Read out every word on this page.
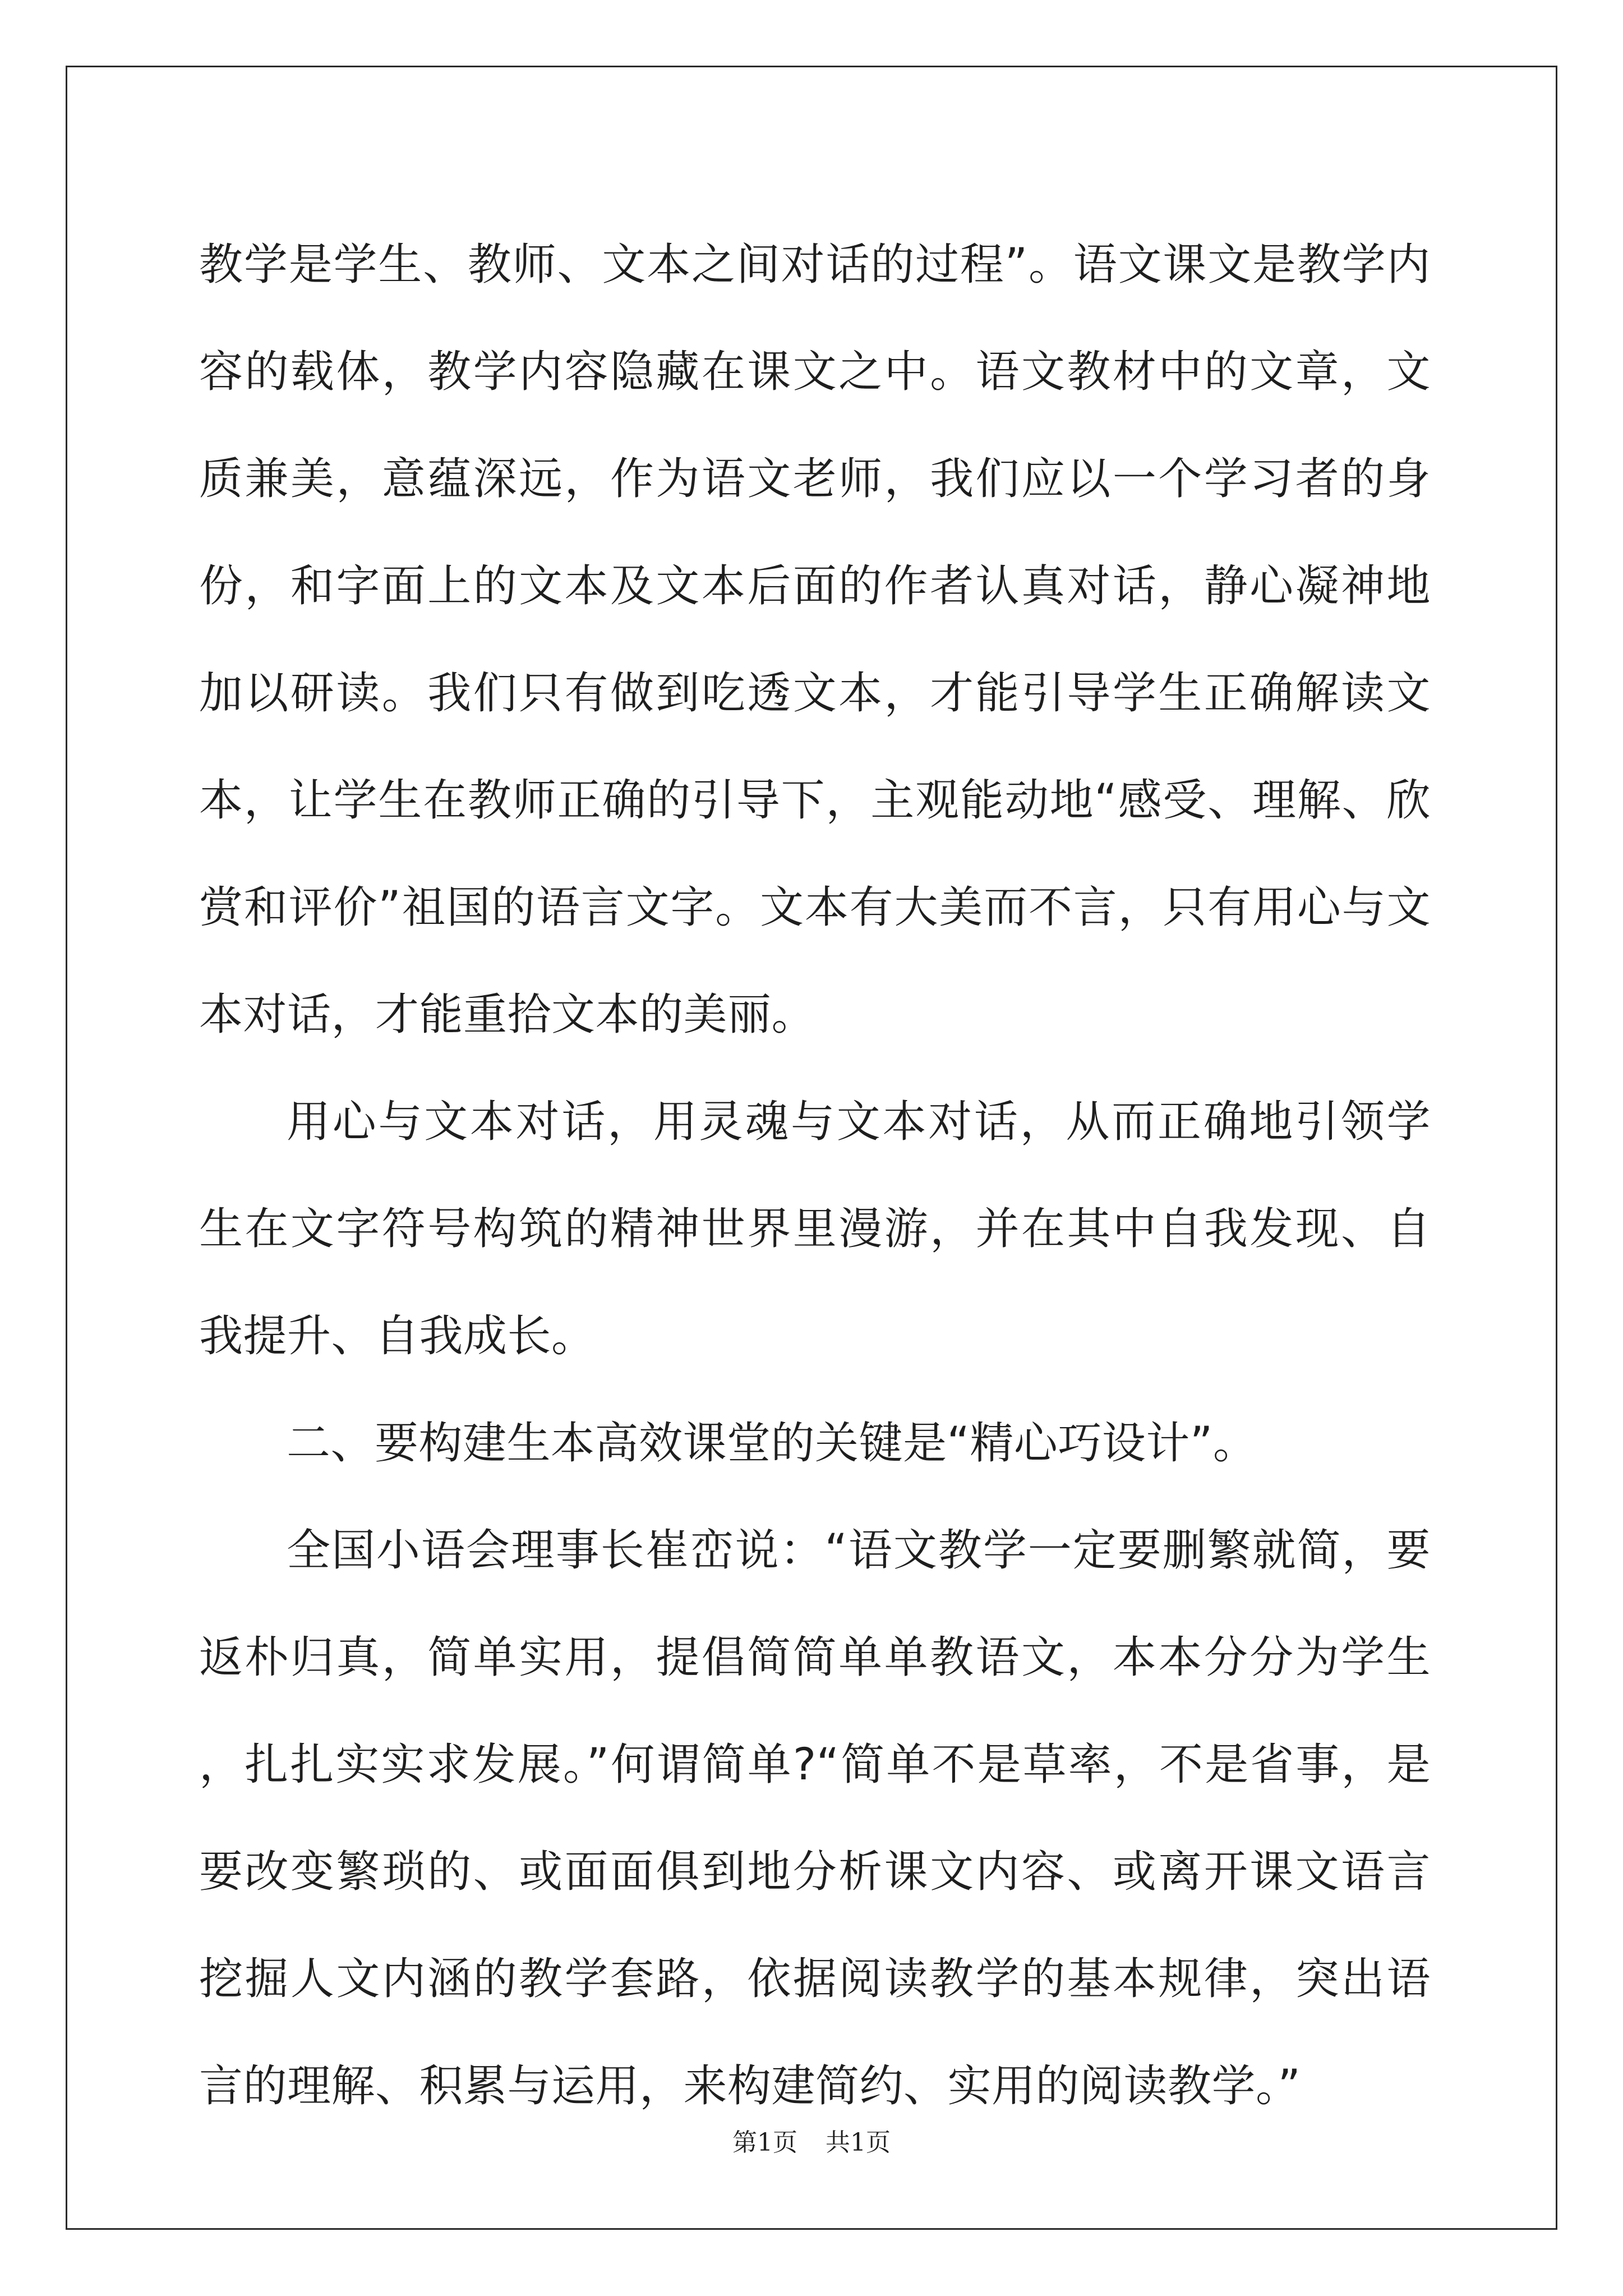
教学是学生、教师、文本之间对话的过程”。语文课文是教学内容的载体，教学内容隐藏在课文之中。语文教材中的文章，文质兼美，意蕴深远，作为语文老师，我们应以一个学习者的身份，和字面上的文本及文本后面的作者认真对话，静心凝神地加以研读。我们只有做到吃透文本，才能引导学生正确解读文本，让学生在教师正确的引导下，主观能动地“感受、理解、欣赏和评价”祖国的语言文字。文本有大美而不言，只有用心与文本对话，才能重拾文本的美丽。

用心与文本对话，用灵魂与文本对话，从而正确地引领学生在文字符号构筑的精神世界里漫游，并在其中自我发现、自我提升、自我成长。

二、要构建生本高效课堂的关键是“精心巧设计”。

全国小语会理事长崔峦说：“语文教学一定要删繁就简，要返朴归真，简单实用，提倡简简单单教语文，本本分分为学生，扎扎实实求发展。”何谓简单?“简单不是草率，不是省事，是要改变繁琐的、或面面俱到地分析课文内容、或离开课文语言挖掘人文内涵的教学套路，依据阅读教学的基本规律，突出语言的理解、积累与运用，来构建简约、实用的阅读教学。”

第1页 共1页
